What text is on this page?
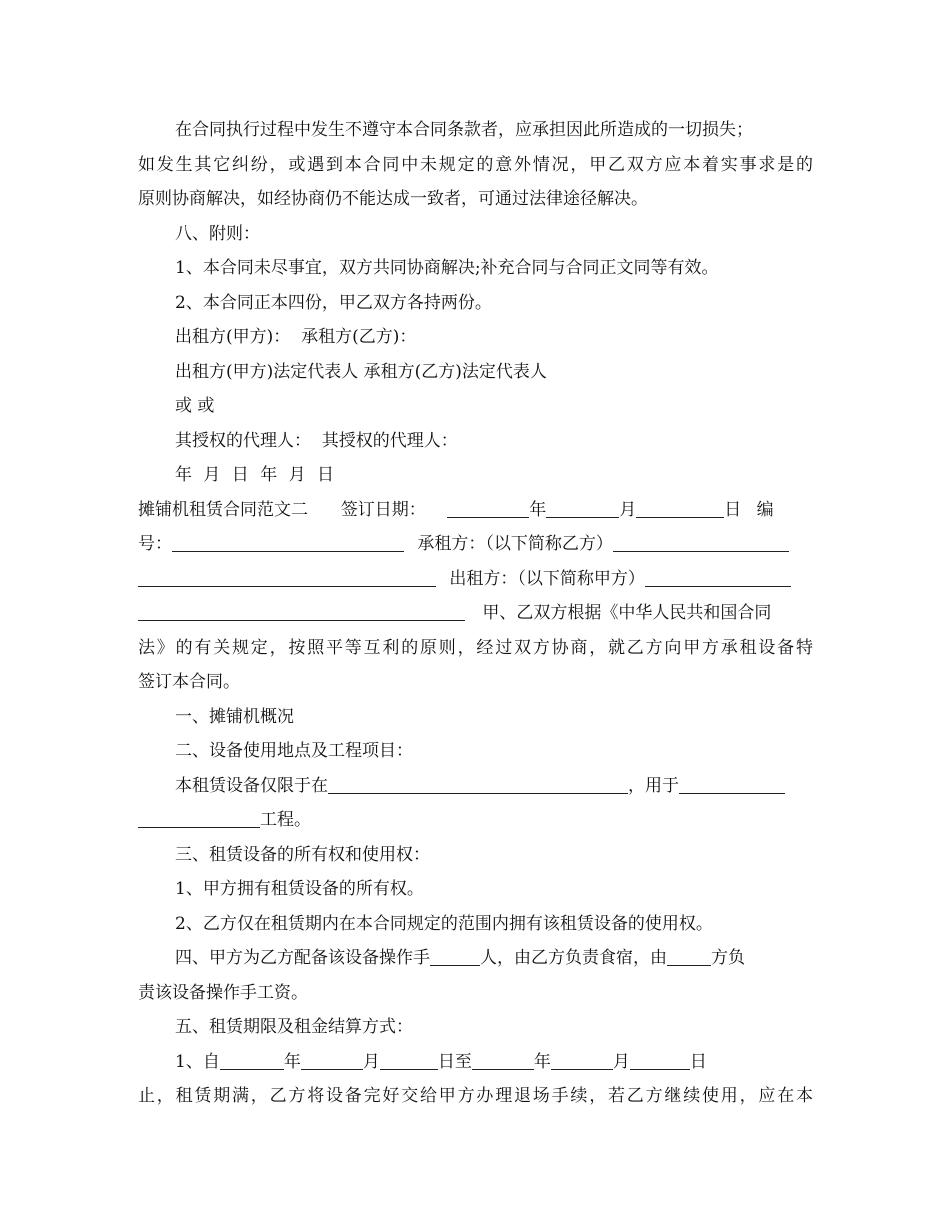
在合同执行过程中发生不遵守本合同条款者，应承担因此所造成的一切损失；
如发生其它纠纷，或遇到本合同中未规定的意外情况，甲乙双方应本着实事求是的
原则协商解决，如经协商仍不能达成一致者，可通过法律途径解决。
八、附则：
1、本合同未尽事宜，双方共同协商解决;补充合同与合同正文同等有效。
2、本合同正本四份，甲乙双方各持两份。
出租方(甲方)：  承租方(乙方)：
出租方(甲方)法定代表人 承租方(乙方)法定代表人
或 或
其授权的代理人：  其授权的代理人：
年 月 日 年 月 日
摊铺机租赁合同范文二 签订日期：	年	月	日 编
号：	承租方：（以下简称乙方）
出租方：（以下简称甲方）
甲、乙双方根据《中华人民共和国合同
法》的有关规定，按照平等互利的原则，经过双方协商，就乙方向甲方承租设备特
签订本合同。
一、摊铺机概况
二、设备使用地点及工程项目：
本租赁设备仅限于在	，用于
工程。
三、租赁设备的所有权和使用权：
1、甲方拥有租赁设备的所有权。
2、乙方仅在租赁期内在本合同规定的范围内拥有该租赁设备的使用权。
四、甲方为乙方配备该设备操作手	人，由乙方负责食宿，由	方负
责该设备操作手工资。
五、租赁期限及租金结算方式：
1、自	年	月	日至	年	月	日
止，租赁期满，乙方将设备完好交给甲方办理退场手续，若乙方继续使用，应在本
